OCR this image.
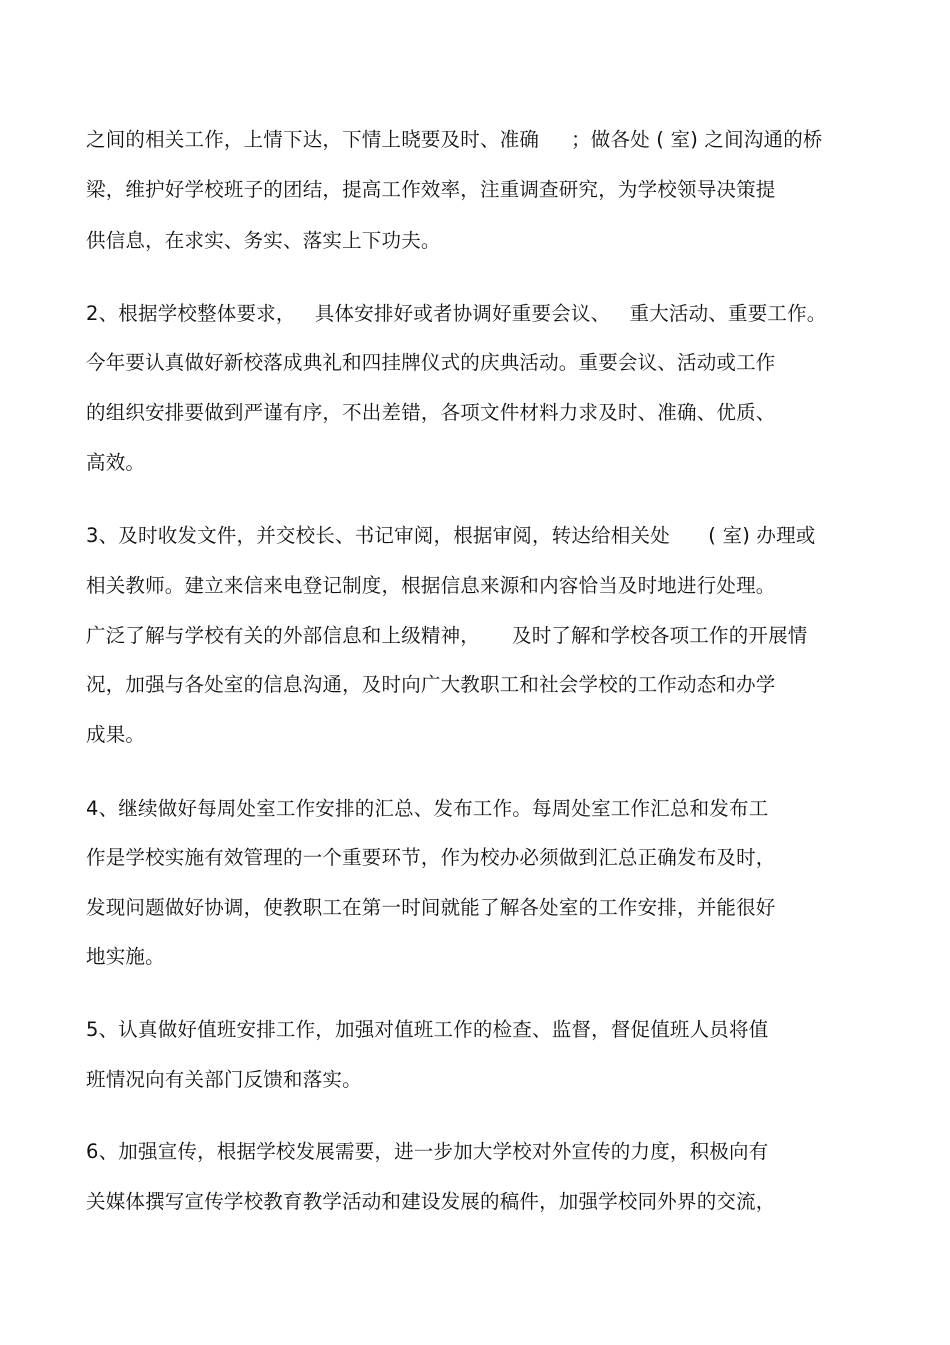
之间的相关工作，上情下达，下情上晓要及时、准确     ；做各处 ( 室) 之间沟通的桥
梁，维护好学校班子的团结，提高工作效率，注重调查研究，为学校领导决策提
供信息，在求实、务实、落实上下功夫。
2、根据学校整体要求，   具体安排好或者协调好重要会议、   重大活动、重要工作。
今年要认真做好新校落成典礼和四挂牌仪式的庆典活动。重要会议、活动或工作
的组织安排要做到严谨有序，不出差错，各项文件材料力求及时、准确、优质、
高效。
3、及时收发文件，并交校长、书记审阅，根据审阅，转达给相关处      ( 室) 办理或
相关教师。建立来信来电登记制度，根据信息来源和内容恰当及时地进行处理。
广泛了解与学校有关的外部信息和上级精神，     及时了解和学校各项工作的开展情
况，加强与各处室的信息沟通，及时向广大教职工和社会学校的工作动态和办学
成果。
4、继续做好每周处室工作安排的汇总、发布工作。每周处室工作汇总和发布工
作是学校实施有效管理的一个重要环节，作为校办必须做到汇总正确发布及时，
发现问题做好协调，使教职工在第一时间就能了解各处室的工作安排，并能很好
地实施。
5、认真做好值班安排工作，加强对值班工作的检查、监督，督促值班人员将值
班情况向有关部门反馈和落实。
6、加强宣传，根据学校发展需要，进一步加大学校对外宣传的力度，积极向有
关媒体撰写宣传学校教育教学活动和建设发展的稿件，加强学校同外界的交流，
